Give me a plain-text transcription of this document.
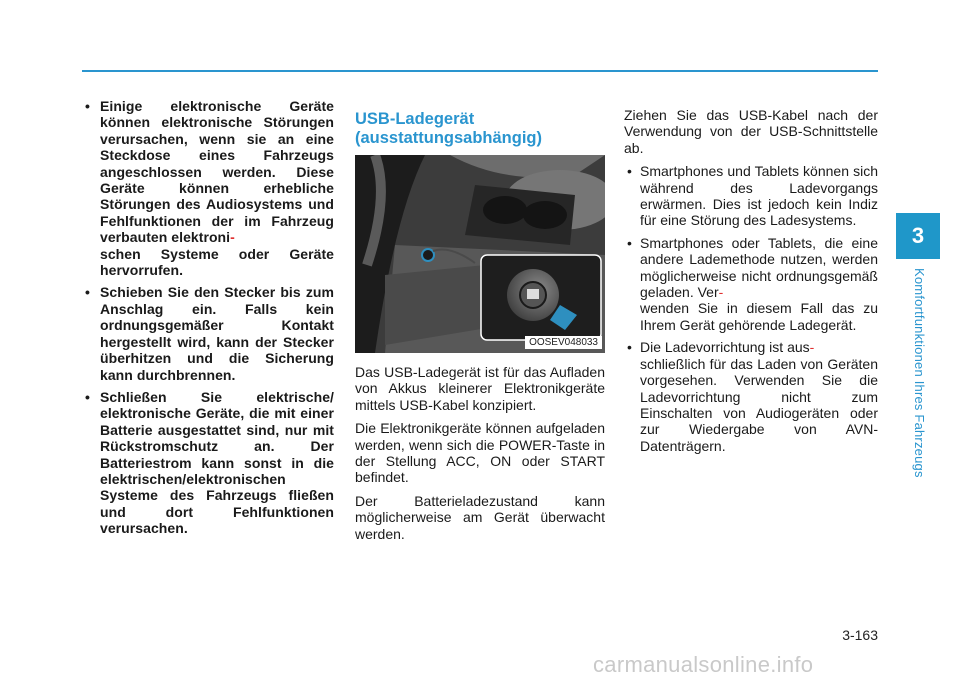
• Einige elektronische Geräte können elektronische Störungen verursachen, wenn sie an eine Steckdose eines Fahrzeugs angeschlossen werden. Diese Geräte können erhebliche Störungen des Audiosystems und Fehlfunktionen der im Fahrzeug verbauten elektroni-
schen Systeme oder Geräte hervorrufen.
• Schieben Sie den Stecker bis zum Anschlag ein. Falls kein ordnungsgemäßer Kontakt hergestellt wird, kann der Stecker überhitzen und die Sicherung kann durchbrennen.
• Schließen Sie elektrische/ elektronische Geräte, die mit einer Batterie ausgestattet sind, nur mit Rückstromschutz an. Der Batteriestrom kann sonst in die elektrischen/elektronischen Systeme des Fahrzeugs fließen und dort Fehlfunktionen verursachen.
USB-Ladegerät (ausstattungsabhängig)
OOSEV048033

Das USB-Ladegerät ist für das Aufladen von Akkus kleinerer Elektronikgeräte mittels USB-Kabel konzipiert.

Die Elektronikgeräte können aufgeladen werden, wenn sich die POWER-Taste in der Stellung ACC, ON oder START befindet.

Der Batterieladezustand kann möglicherweise am Gerät überwacht werden.

Ziehen Sie das USB-Kabel nach der Verwendung von der USB-Schnittstelle ab.

• Smartphones und Tablets können sich während des Ladevorgangs erwärmen. Dies ist jedoch kein Indiz für eine Störung des Ladesystems.
• Smartphones oder Tablets, die eine andere Lademethode nutzen, werden möglicherweise nicht ordnungsgemäß geladen. Ver-
wenden Sie in diesem Fall das zu Ihrem Gerät gehörende Ladegerät.
• Die Ladevorrichtung ist aus-
schließlich für das Laden von Geräten vorgesehen. Verwenden Sie die Ladevorrichtung nicht zum Einschalten von Audiogeräten oder zur Wiedergabe von AVN-Datenträgern.
3
Komfortfunktionen Ihres Fahrzeugs
3-163
carmanualsonline.info
